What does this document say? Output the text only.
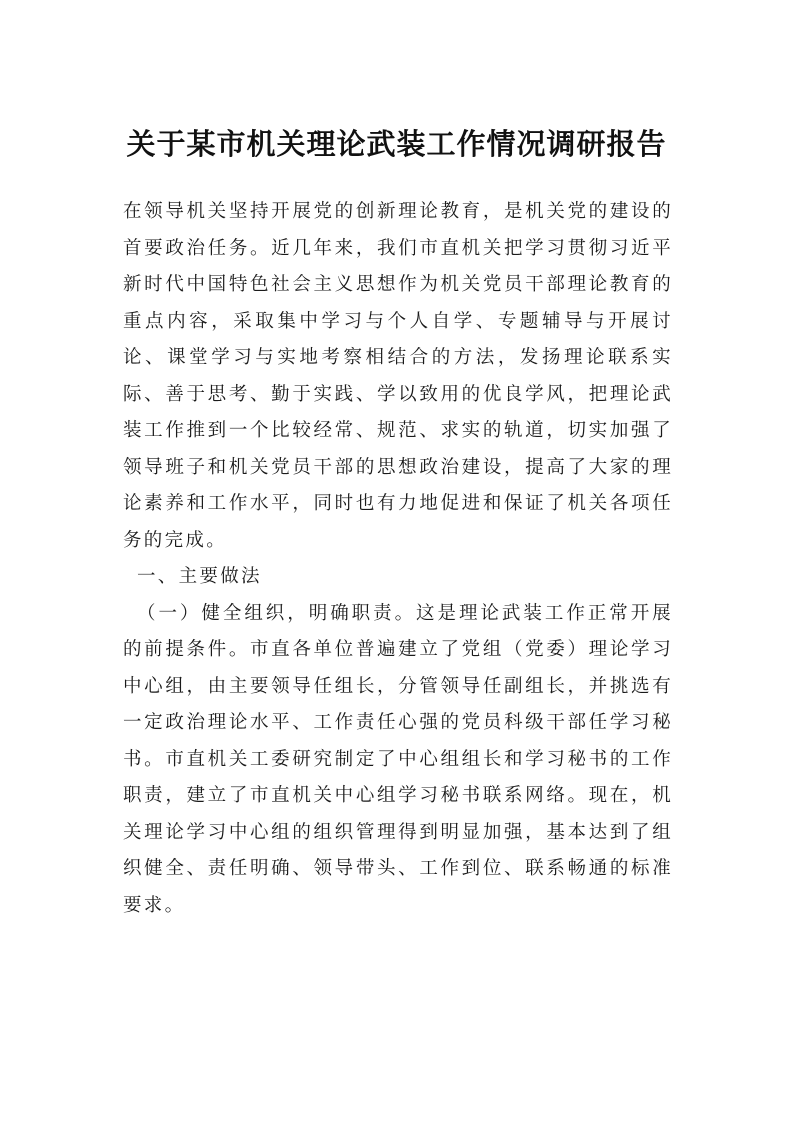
关于某市机关理论武装工作情况调研报告

在领导机关坚持开展党的创新理论教育，是机关党的建设的首要政治任务。近几年来，我们市直机关把学习贯彻习近平新时代中国特色社会主义思想作为机关党员干部理论教育的重点内容，采取集中学习与个人自学、专题辅导与开展讨论、课堂学习与实地考察相结合的方法，发扬理论联系实际、善于思考、勤于实践、学以致用的优良学风，把理论武装工作推到一个比较经常、规范、求实的轨道，切实加强了领导班子和机关党员干部的思想政治建设，提高了大家的理论素养和工作水平，同时也有力地促进和保证了机关各项任务的完成。

一、主要做法

（一）健全组织，明确职责。这是理论武装工作正常开展的前提条件。市直各单位普遍建立了党组（党委）理论学习中心组，由主要领导任组长，分管领导任副组长，并挑选有一定政治理论水平、工作责任心强的党员科级干部任学习秘书。市直机关工委研究制定了中心组组长和学习秘书的工作职责，建立了市直机关中心组学习秘书联系网络。现在，机关理论学习中心组的组织管理得到明显加强，基本达到了组织健全、责任明确、领导带头、工作到位、联系畅通的标准要求。
